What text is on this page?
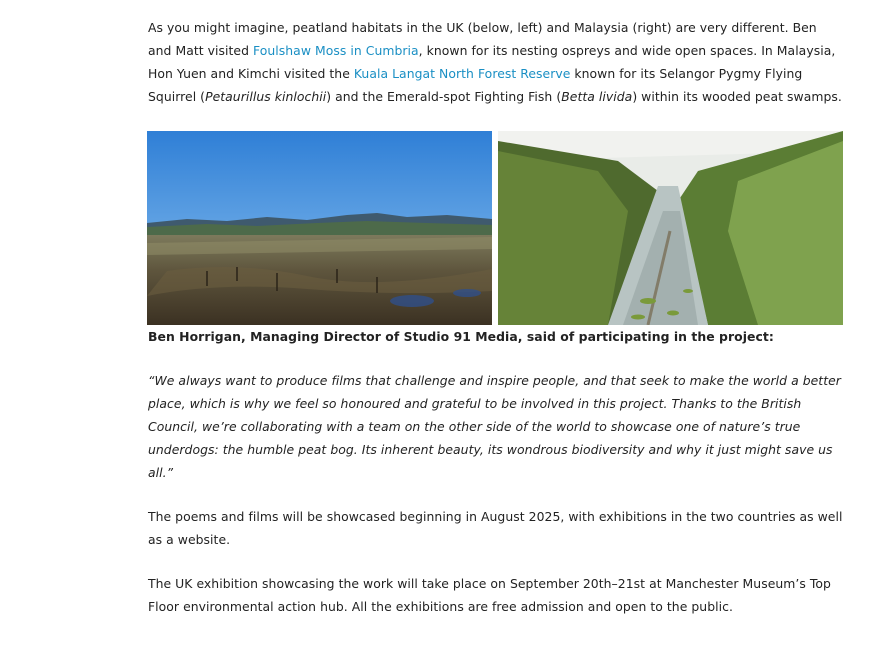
As you might imagine, peatland habitats in the UK (below, left) and Malaysia (right) are very different. Ben and Matt visited Foulshaw Moss in Cumbria, known for its nesting ospreys and wide open spaces. In Malaysia, Hon Yuen and Kimchi visited the Kuala Langat North Forest Reserve known for its Selangor Pygmy Flying Squirrel (Petaurillus kinlochii) and the Emerald-spot Fighting Fish (Betta livida) within its wooded peat swamps.

Ben Horrigan, Managing Director of Studio 91 Media, said of participating in the project:

“We always want to produce films that challenge and inspire people, and that seek to make the world a better place, which is why we feel so honoured and grateful to be involved in this project. Thanks to the British Council, we’re collaborating with a team on the other side of the world to showcase one of nature’s true underdogs: the humble peat bog. Its inherent beauty, its wondrous biodiversity and why it just might save us all.”

The poems and films will be showcased beginning in August 2025, with exhibitions in the two countries as well as a website.

The UK exhibition showcasing the work will take place on September 20th–21st at Manchester Museum’s Top Floor environmental action hub. All the exhibitions are free admission and open to the public.
